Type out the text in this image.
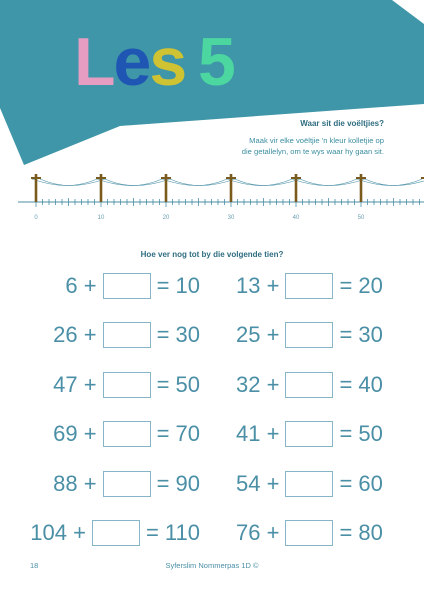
Les 5
Waar sit die voëltjies?
Maak vir elke voëltjie 'n kleur kolletjie op
die getallelyn, om te wys waar hy gaan sit.
0	10	20	30	40	50
Hoe ver nog tot by die volgende tien?
6 +	= 10 13 +	= 20
26 +	= 30 25 +	= 30
47 +	= 50 32 +	= 40
69 +	= 70 41 +	= 50
88 +	= 90 54 +	= 60
104 +	= 110 76 +	= 80
18	Syferslim Nommerpas 1D ©
